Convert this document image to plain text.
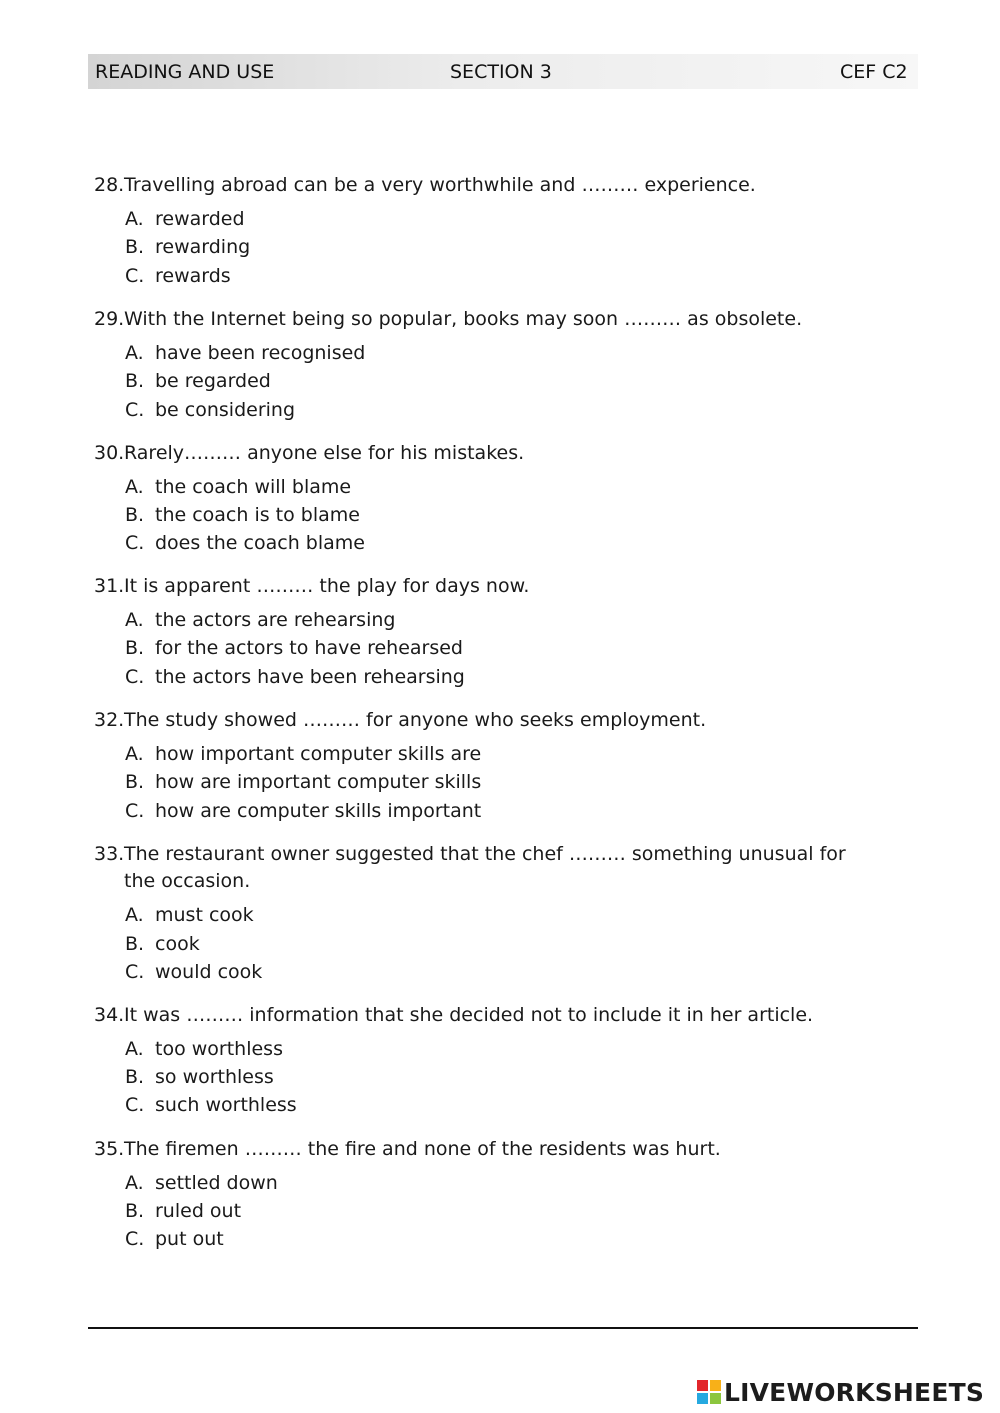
READING AND USE	SECTION 3	CEF C2
28. Travelling abroad can be a very worthwhile and ……… experience.
A. rewarded
B. rewarding
C. rewards
29. With the Internet being so popular, books may soon ……… as obsolete.
A. have been recognised
B. be regarded
C. be considering
30. Rarely……… anyone else for his mistakes.
A. the coach will blame
B. the coach is to blame
C. does the coach blame
31. It is apparent ……… the play for days now.
A. the actors are rehearsing
B. for the actors to have rehearsed
C. the actors have been rehearsing
32. The study showed ……… for anyone who seeks employment.
A. how important computer skills are
B. how are important computer skills
C. how are computer skills important
33. The restaurant owner suggested that the chef ……… something unusual for the occasion.
A. must cook
B. cook
C. would cook
34. It was ……… information that she decided not to include it in her article.
A. too worthless
B. so worthless
C. such worthless
35. The firemen ……… the fire and none of the residents was hurt.
A. settled down
B. ruled out
C. put out
LIVEWORKSHEETS
